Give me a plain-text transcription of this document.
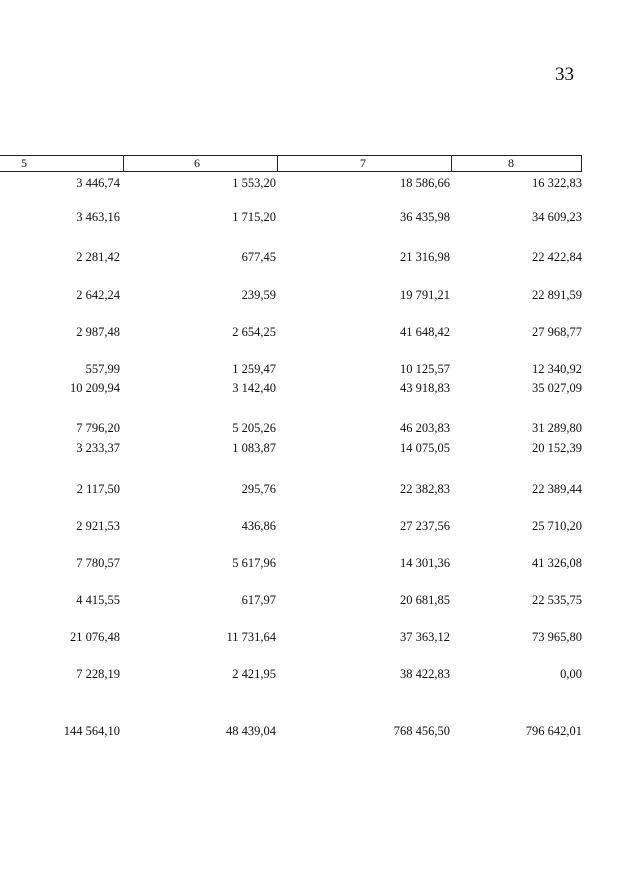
33
5	6	7	8
3 446,74	1 553,20	18 586,66	16 322,83
3 463,16	1 715,20	36 435,98	34 609,23
2 281,42	677,45	21 316,98	22 422,84
2 642,24	239,59	19 791,21	22 891,59
2 987,48	2 654,25	41 648,42	27 968,77
557,99	1 259,47	10 125,57	12 340,92
10 209,94	3 142,40	43 918,83	35 027,09
7 796,20	5 205,26	46 203,83	31 289,80
3 233,37	1 083,87	14 075,05	20 152,39
2 117,50	295,76	22 382,83	22 389,44
2 921,53	436,86	27 237,56	25 710,20
7 780,57	5 617,96	14 301,36	41 326,08
4 415,55	617,97	20 681,85	22 535,75
21 076,48	11 731,64	37 363,12	73 965,80
7 228,19	2 421,95	38 422,83	0,00
144 564,10	48 439,04	768 456,50	796 642,01
